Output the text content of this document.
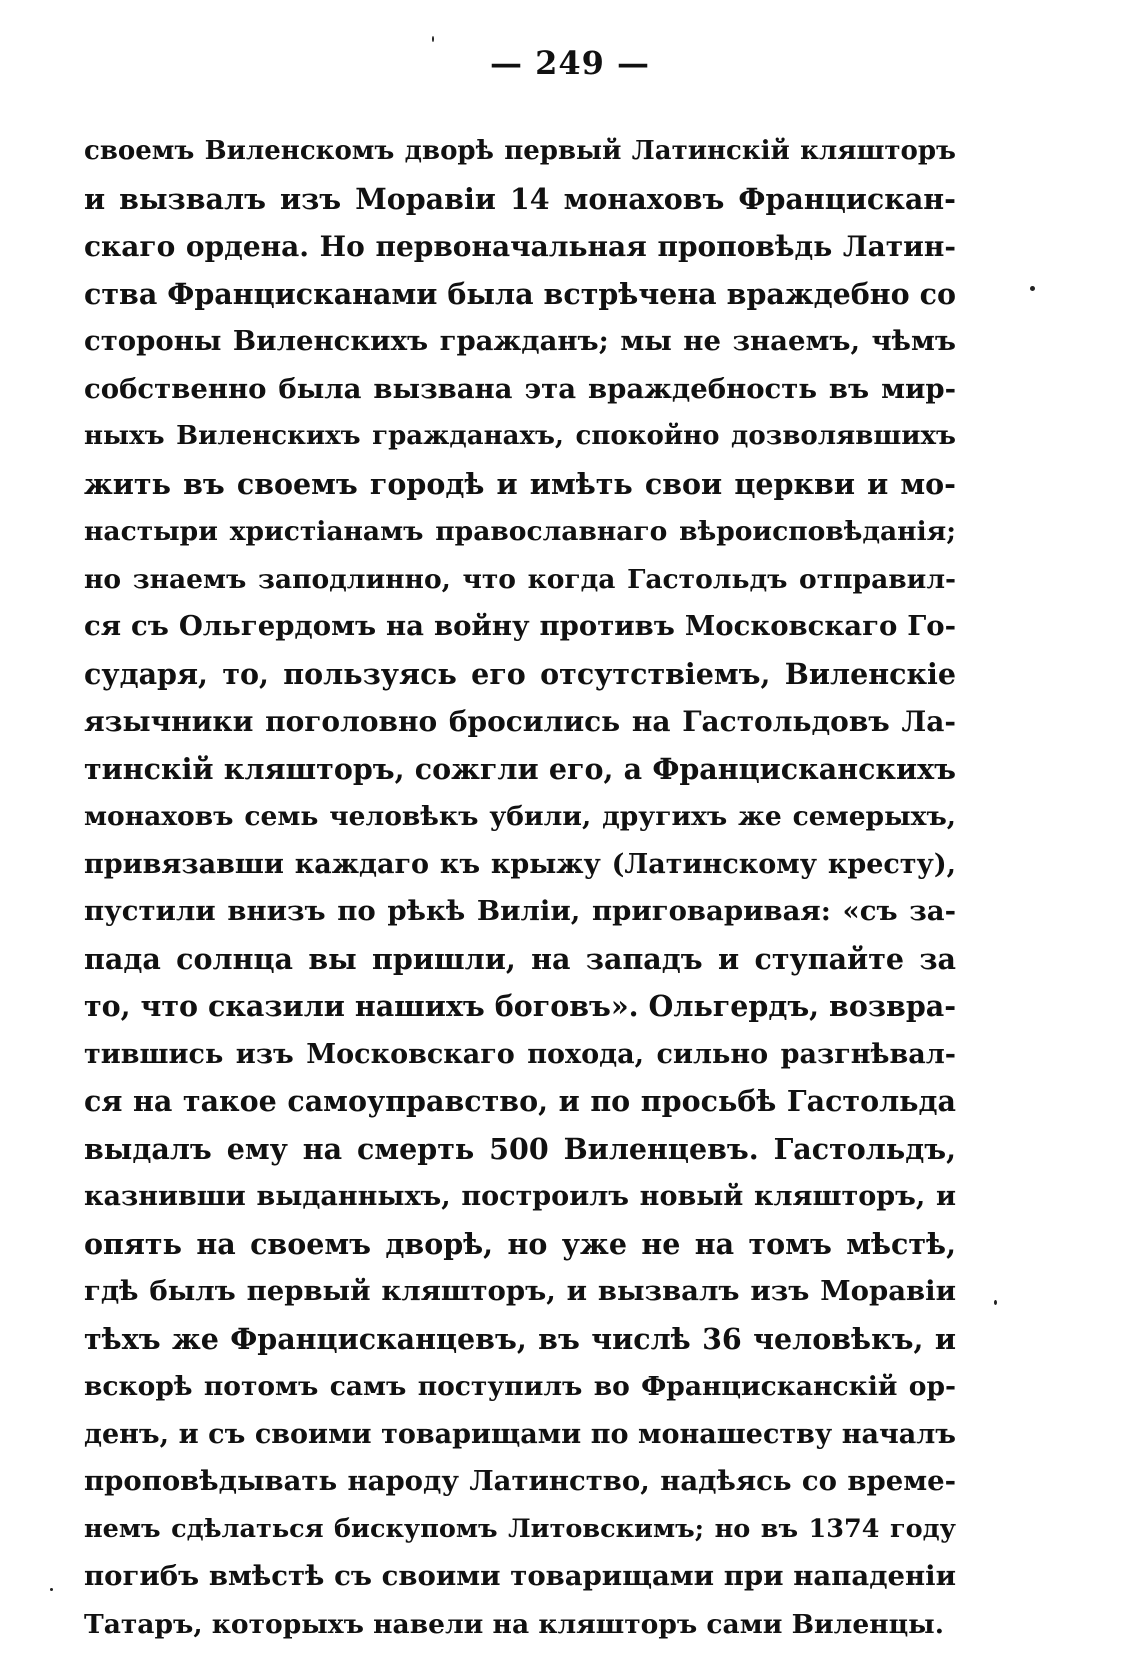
— 249 —
своемъ Виленскомъ дворѣ первый Латинскій кляшторъ
и вызвалъ изъ Моравіи 14 монаховъ Францискан-
скаго ордена. Но первоначальная проповѣдь Латин-
ства Францисканами была встрѣчена враждебно со
стороны Виленскихъ гражданъ; мы не знаемъ, чѣмъ
собственно была вызвана эта враждебность въ мир-
ныхъ Виленскихъ гражданахъ, спокойно дозволявшихъ
жить въ своемъ городѣ и имѣть свои церкви и мо-
настыри христіанамъ православнаго вѣроисповѣданія;
но знаемъ заподлинно, что когда Гастольдъ отправил-
ся съ Ольгердомъ на войну противъ Московскаго Го-
сударя, то, пользуясь его отсутствіемъ, Виленскіе
язычники поголовно бросились на Гастольдовъ Ла-
тинскій кляшторъ, сожгли его, а Францисканскихъ
монаховъ семь человѣкъ убили, другихъ же семерыхъ,
привязавши каждаго къ крыжу (Латинскому кресту),
пустили внизъ по рѣкѣ Виліи, приговаривая: «съ за-
пада солнца вы пришли, на западъ и ступайте за
то, что сказили нашихъ боговъ». Ольгердъ, возвра-
тившись изъ Московскаго похода, сильно разгнѣвал-
ся на такое самоуправство, и по просьбѣ Гастольда
выдалъ ему на смерть 500 Виленцевъ. Гастольдъ,
казнивши выданныхъ, построилъ новый кляшторъ, и
опять на своемъ дворѣ, но уже не на томъ мѣстѣ,
гдѣ былъ первый кляшторъ, и вызвалъ изъ Моравіи
тѣхъ же Францисканцевъ, въ числѣ 36 человѣкъ, и
вскорѣ потомъ самъ поступилъ во Францисканскій ор-
денъ, и съ своими товарищами по монашеству началъ
проповѣдывать народу Латинство, надѣясь со време-
немъ сдѣлаться бискупомъ Литовскимъ; но въ 1374 году
погибъ вмѣстѣ съ своими товарищами при нападеніи
Татаръ, которыхъ навели на кляшторъ сами Виленцы.
